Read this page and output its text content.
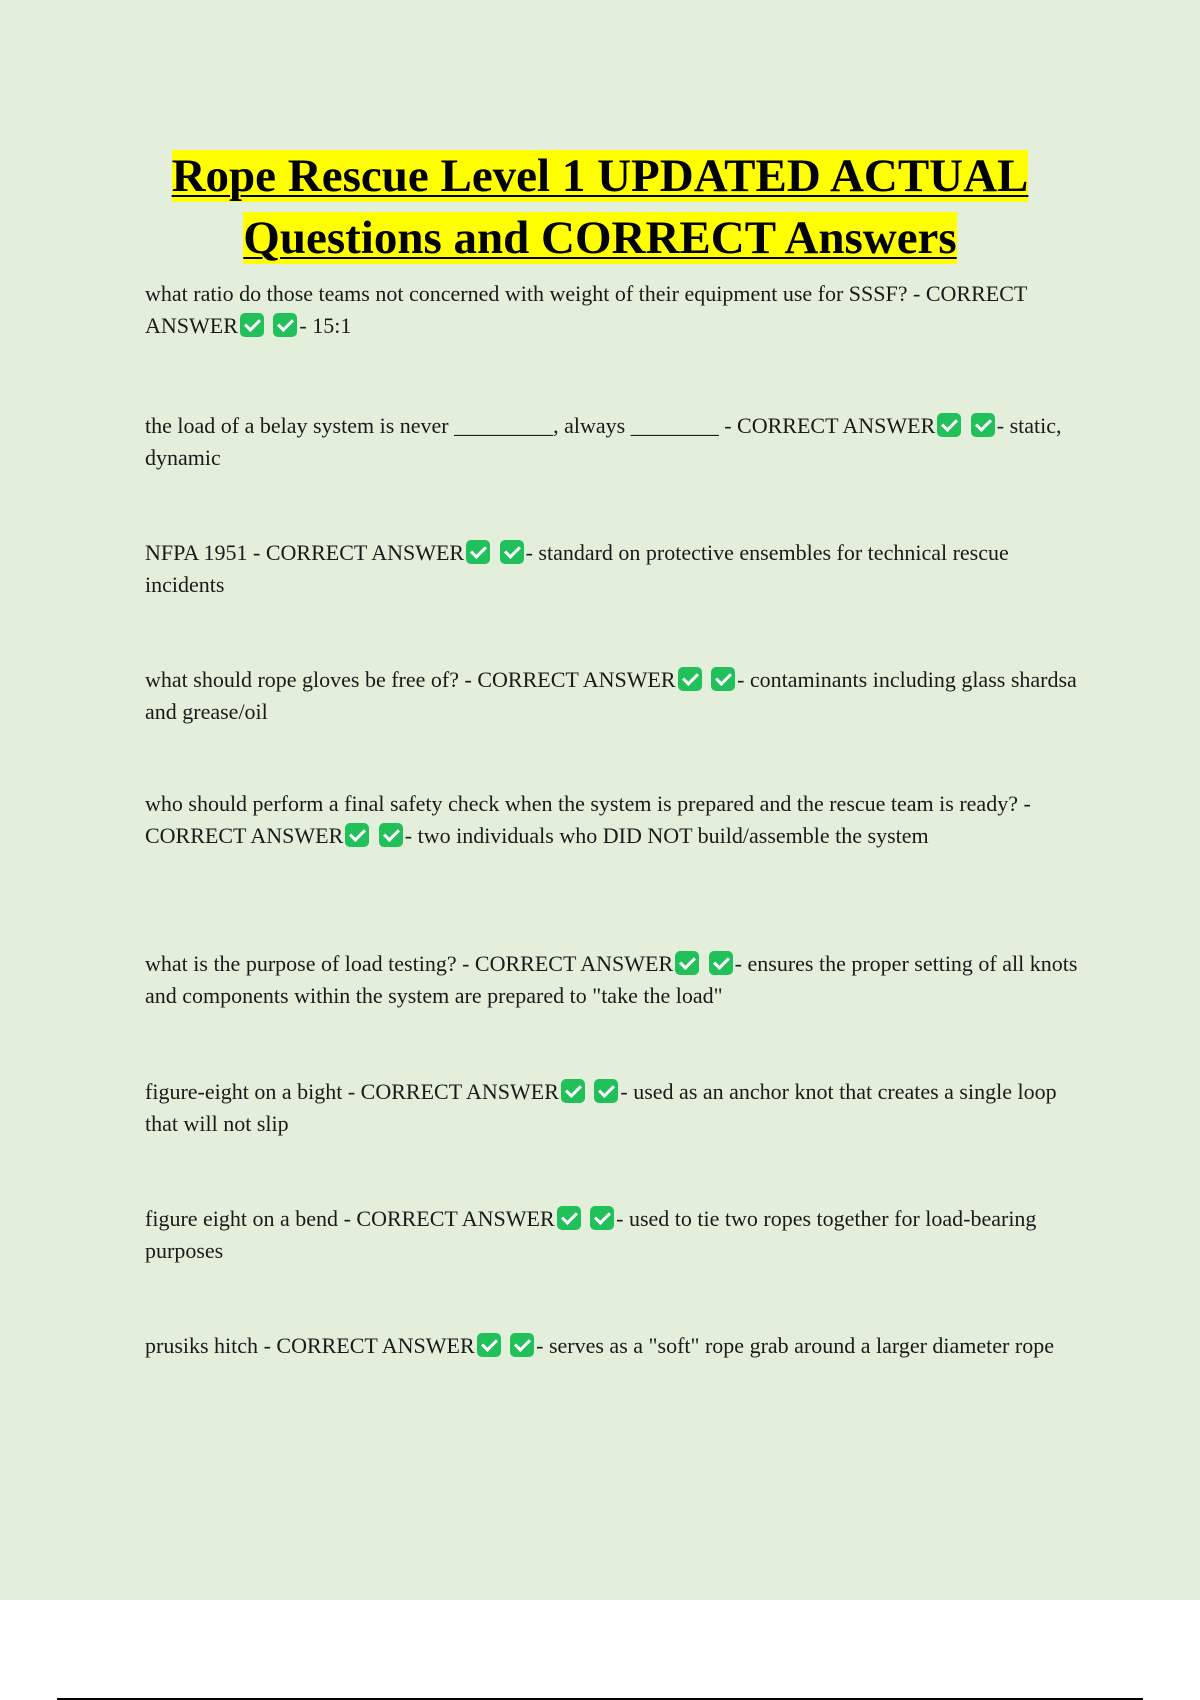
Rope Rescue Level 1 UPDATED ACTUAL
Questions and CORRECT Answers

what ratio do those teams not concerned with weight of their equipment use for SSSF? - CORRECT ANSWER	- 15:1

the load of a belay system is never _________, always ________ - CORRECT ANSWER	- static, dynamic

NFPA 1951 - CORRECT ANSWER	- standard on protective ensembles for technical rescue incidents

what should rope gloves be free of? - CORRECT ANSWER	- contaminants including glass shardsa and grease/oil

who should perform a final safety check when the system is prepared and the rescue team is ready? - CORRECT ANSWER	- two individuals who DID NOT build/assemble the system

what is the purpose of load testing? - CORRECT ANSWER	- ensures the proper setting of all knots and components within the system are prepared to "take the load"

figure-eight on a bight - CORRECT ANSWER	- used as an anchor knot that creates a single loop that will not slip

figure eight on a bend - CORRECT ANSWER	- used to tie two ropes together for load-bearing purposes

prusiks hitch - CORRECT ANSWER	- serves as a "soft" rope grab around a larger diameter rope
